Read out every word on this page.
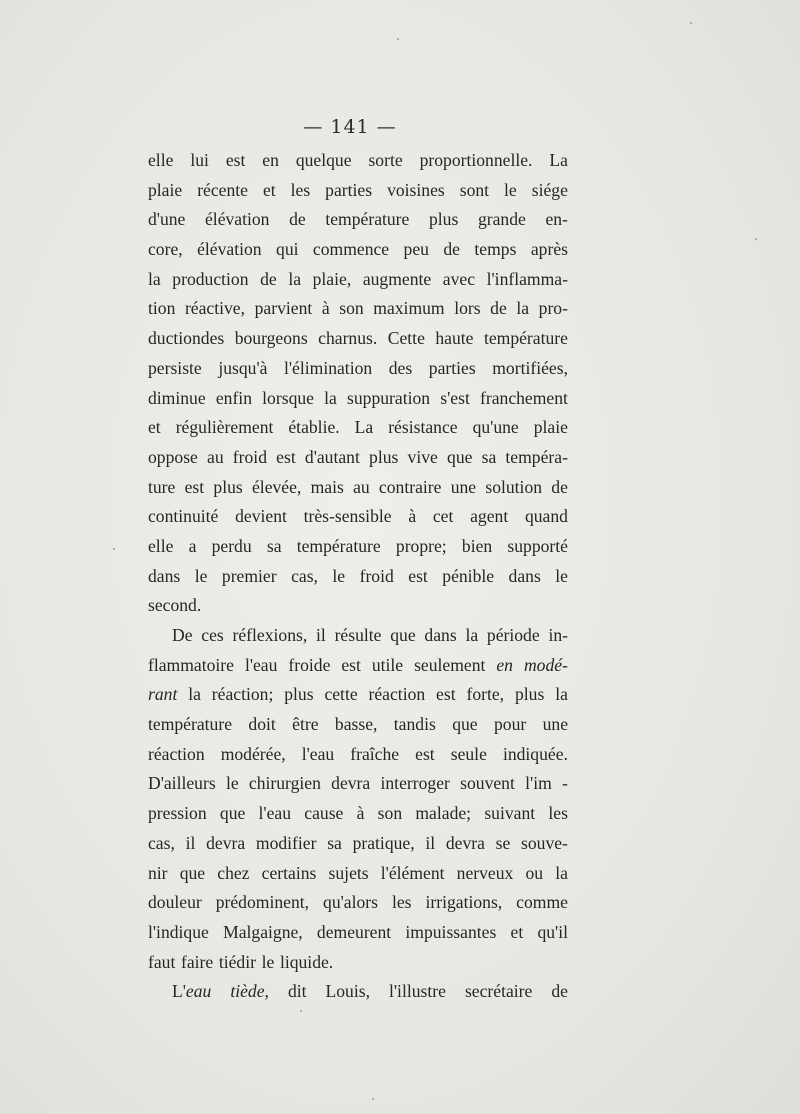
— 141 —
elle lui est en quelque sorte proportionnelle. La
plaie récente et les parties voisines sont le siége
d'une élévation de température plus grande en-
core, élévation qui commence peu de temps après
la production de la plaie, augmente avec l'inflamma-
tion réactive, parvient à son maximum lors de la pro-
ductiondes bourgeons charnus. Cette haute température
persiste jusqu'à l'élimination des parties mortifiées,
diminue enfin lorsque la suppuration s'est franchement
et régulièrement établie. La résistance qu'une plaie
oppose au froid est d'autant plus vive que sa tempéra-
ture est plus élevée, mais au contraire une solution de
continuité devient très-sensible à cet agent quand
elle a perdu sa température propre; bien supporté
dans le premier cas, le froid est pénible dans le
second.
De ces réflexions, il résulte que dans la période in-
flammatoire l'eau froide est utile seulement en modé-
rant la réaction; plus cette réaction est forte, plus la
température doit être basse, tandis que pour une
réaction modérée, l'eau fraîche est seule indiquée.
D'ailleurs le chirurgien devra interroger souvent l'im -
pression que l'eau cause à son malade; suivant les
cas, il devra modifier sa pratique, il devra se souve-
nir que chez certains sujets l'élément nerveux ou la
douleur prédominent, qu'alors les irrigations, comme
l'indique Malgaigne, demeurent impuissantes et qu'il
faut faire tiédir le liquide.
L'eau tiède, dit Louis, l'illustre secrétaire de
